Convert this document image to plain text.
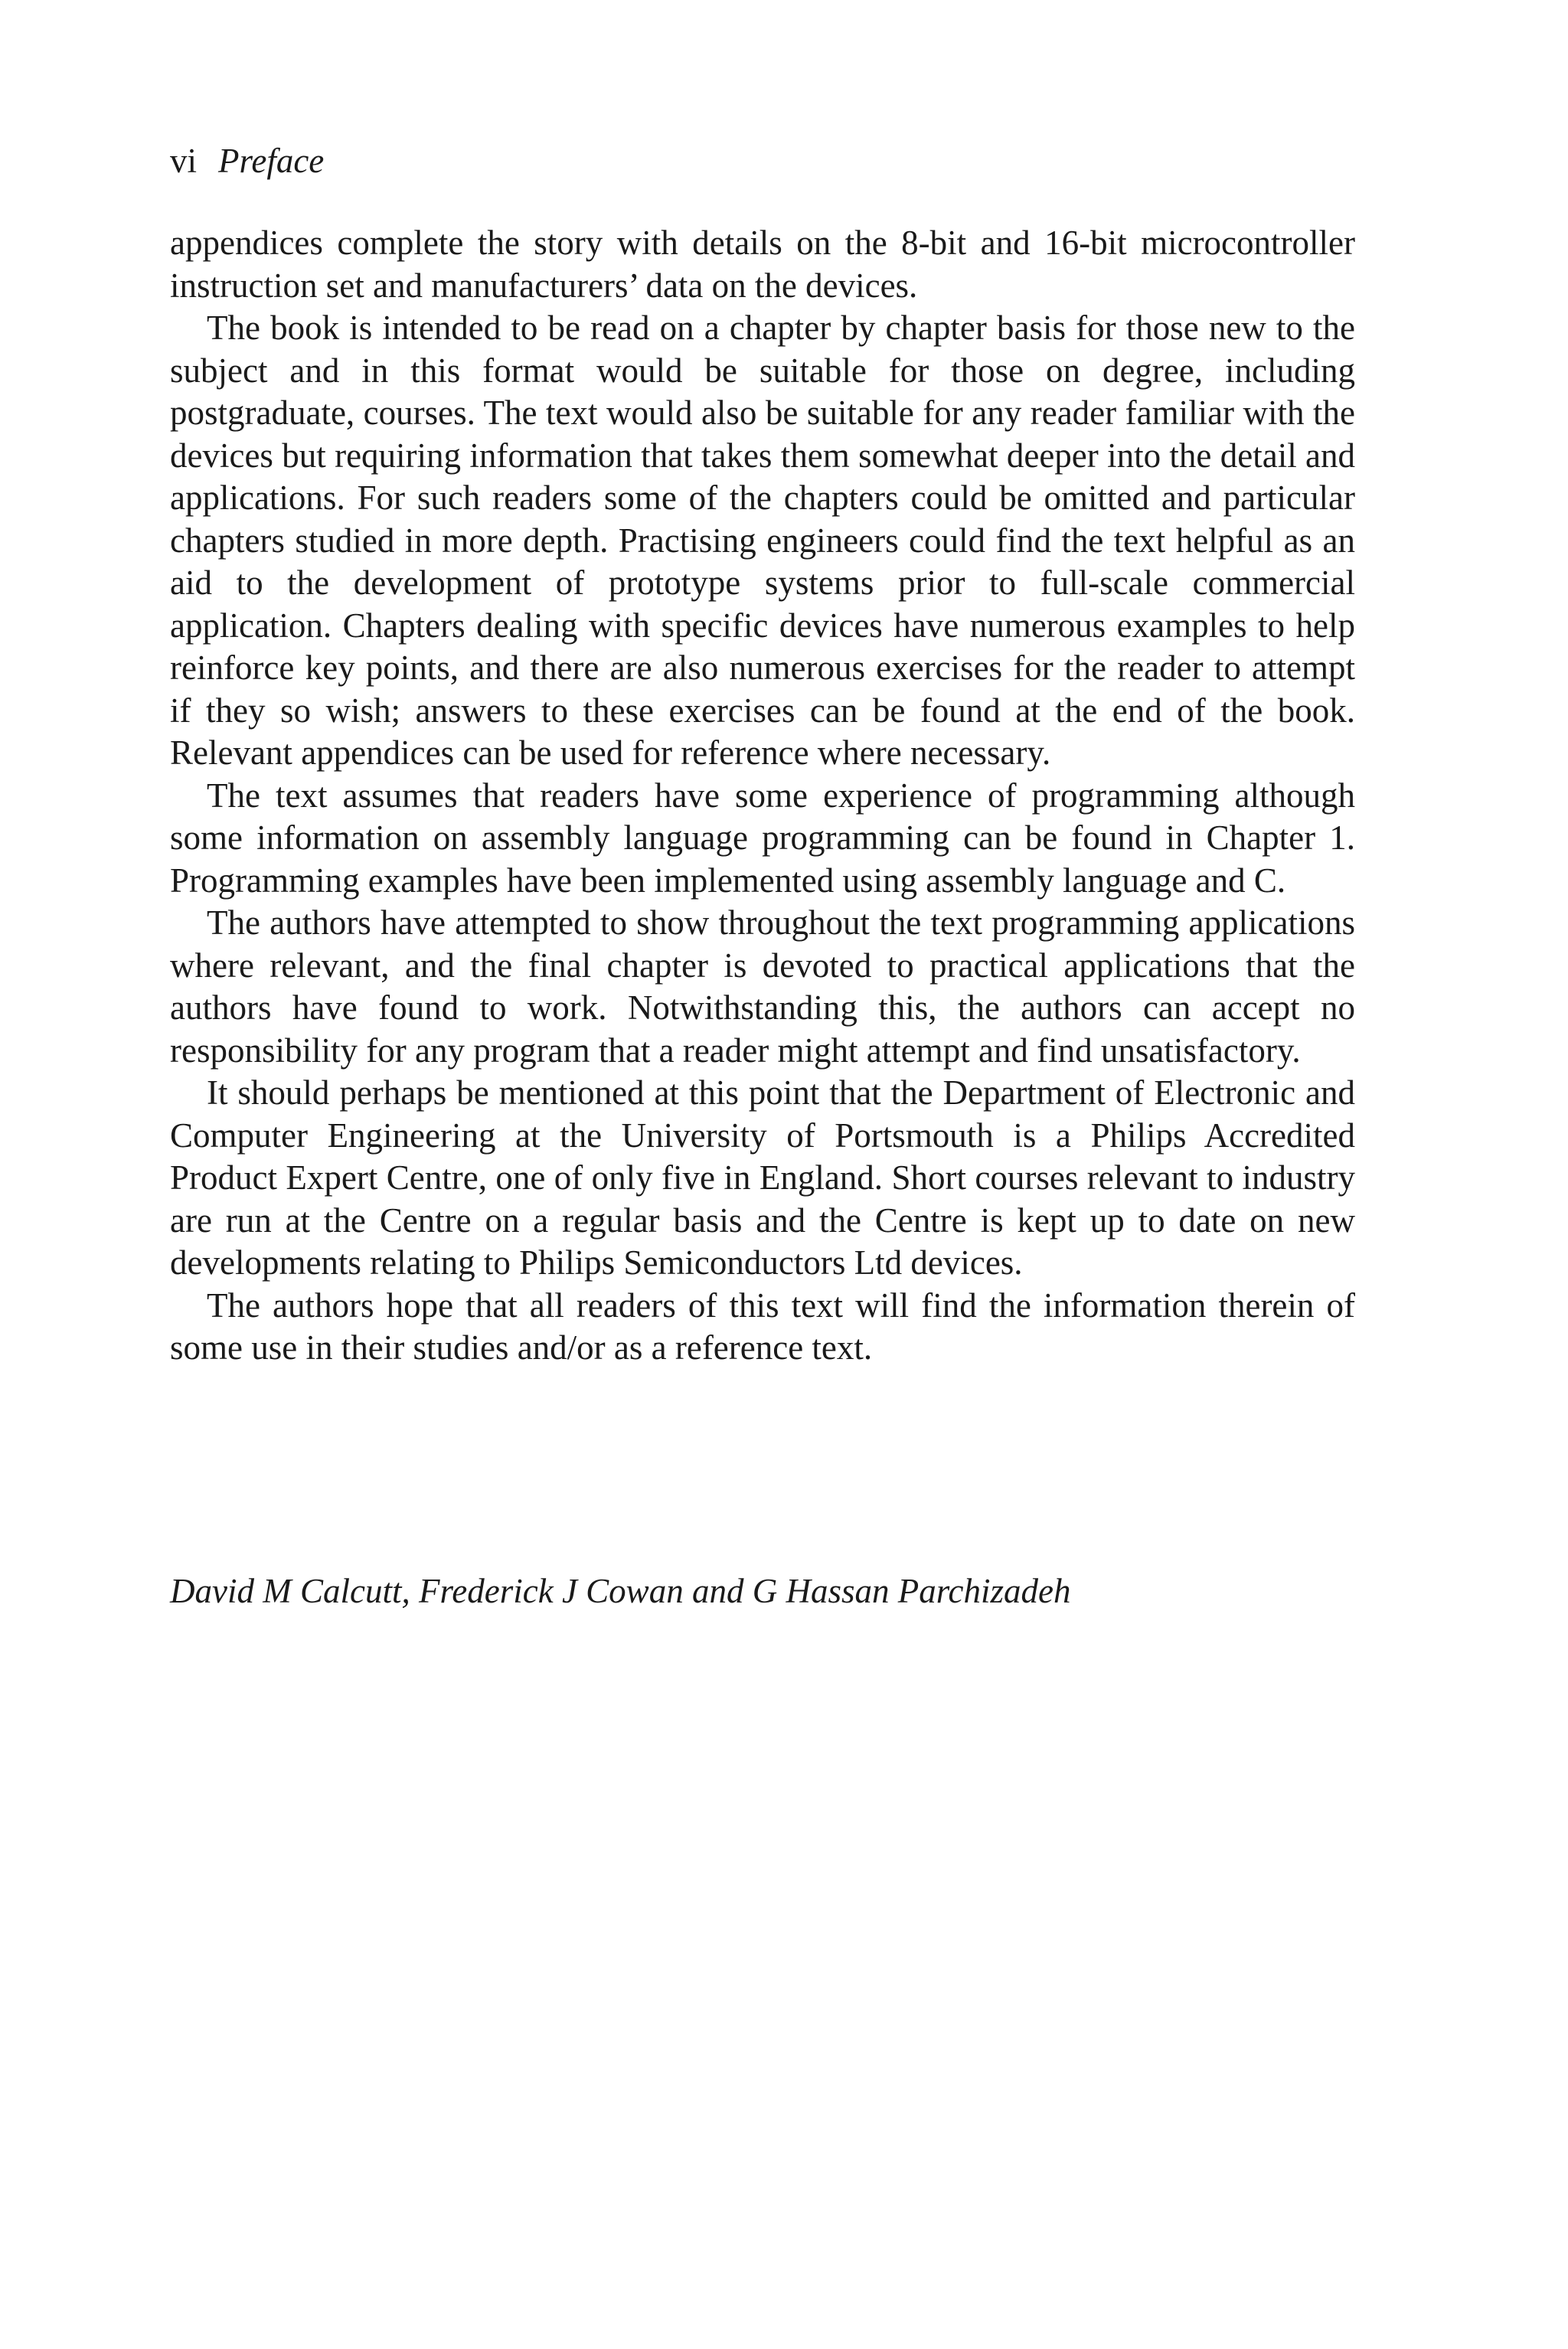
vi Preface

appendices complete the story with details on the 8-bit and 16-bit microcontroller instruction set and manufacturers’ data on the devices.

The book is intended to be read on a chapter by chapter basis for those new to the subject and in this format would be suitable for those on degree, including postgraduate, courses. The text would also be suitable for any reader familiar with the devices but requiring information that takes them somewhat deeper into the detail and applications. For such readers some of the chapters could be omitted and particular chapters studied in more depth. Practising engineers could find the text helpful as an aid to the development of prototype systems prior to full-scale commercial application. Chapters dealing with specific devices have numerous examples to help reinforce key points, and there are also numerous exercises for the reader to attempt if they so wish; answers to these exercises can be found at the end of the book. Relevant appendices can be used for reference where necessary.

The text assumes that readers have some experience of programming although some information on assembly language programming can be found in Chapter 1. Programming examples have been implemented using assembly language and C.

The authors have attempted to show throughout the text programming applications where relevant, and the final chapter is devoted to practical applications that the authors have found to work. Notwithstanding this, the authors can accept no responsibility for any program that a reader might attempt and find unsatisfactory.

It should perhaps be mentioned at this point that the Department of Electronic and Computer Engineering at the University of Portsmouth is a Philips Accredited Product Expert Centre, one of only five in England. Short courses relevant to industry are run at the Centre on a regular basis and the Centre is kept up to date on new developments relating to Philips Semiconductors Ltd devices.

The authors hope that all readers of this text will find the information therein of some use in their studies and/or as a reference text.

David M Calcutt, Frederick J Cowan and G Hassan Parchizadeh
